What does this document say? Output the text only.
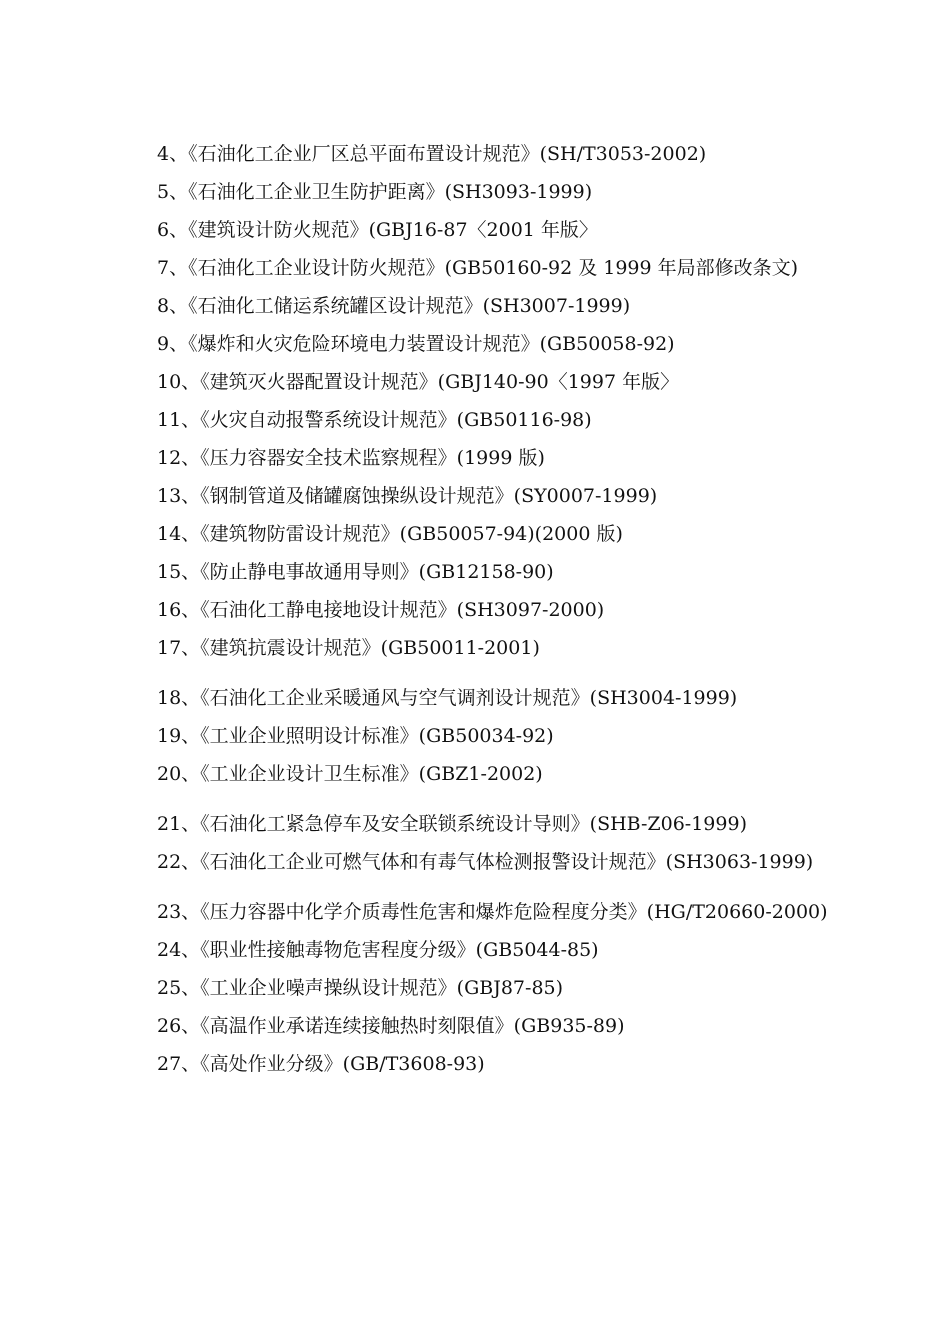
4、《石油化工企业厂区总平面布置设计规范》(SH/T3053-2002)

5、《石油化工企业卫生防护距离》(SH3093-1999)

6、《建筑设计防火规范》(GBJ16-87〈2001 年版〉

7、《石油化工企业设计防火规范》(GB50160-92 及 1999 年局部修改条文)

8、《石油化工储运系统罐区设计规范》(SH3007-1999)

9、《爆炸和火灾危险环境电力装置设计规范》(GB50058-92)

10、《建筑灭火器配置设计规范》(GBJ140-90〈1997 年版〉

11、《火灾自动报警系统设计规范》(GB50116-98)

12、《压力容器安全技术监察规程》(1999 版)

13、《钢制管道及储罐腐蚀操纵设计规范》(SY0007-1999)

14、《建筑物防雷设计规范》(GB50057-94)(2000 版)

15、《防止静电事故通用导则》(GB12158-90)

16、《石油化工静电接地设计规范》(SH3097-2000)

17、《建筑抗震设计规范》(GB50011-2001)

18、《石油化工企业采暖通风与空气调剂设计规范》(SH3004-1999)

19、《工业企业照明设计标准》(GB50034-92)

20、《工业企业设计卫生标准》(GBZ1-2002)

21、《石油化工紧急停车及安全联锁系统设计导则》(SHB-Z06-1999)

22、《石油化工企业可燃气体和有毒气体检测报警设计规范》(SH3063-1999)

23、《压力容器中化学介质毒性危害和爆炸危险程度分类》(HG/T20660-2000)

24、《职业性接触毒物危害程度分级》(GB5044-85)

25、《工业企业噪声操纵设计规范》(GBJ87-85)

26、《高温作业承诺连续接触热时刻限值》(GB935-89)

27、《高处作业分级》(GB/T3608-93)
